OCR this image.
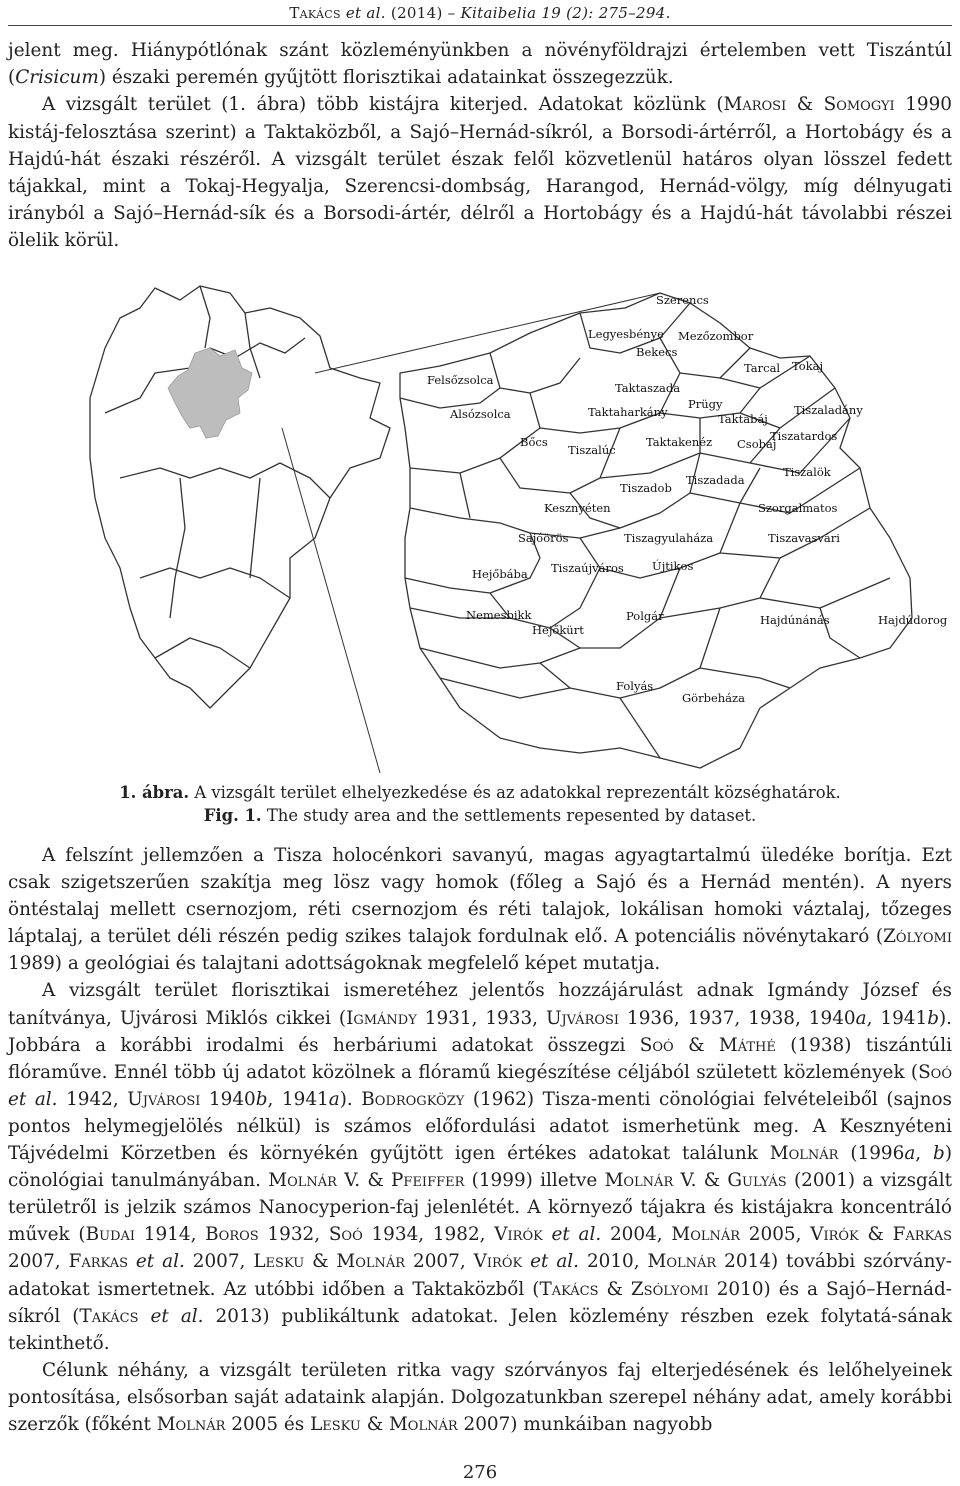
Takács et al. (2014) – Kitaibelia 19 (2): 275–294.

jelent meg. Hiánypótlónak szánt közleményünkben a növényföldrajzi értelemben vett Tiszántúl (Crisicum) északi peremén gyűjtött florisztikai adatainkat összegezzük.

A vizsgált terület (1. ábra) több kistájra kiterjed. Adatokat közlünk (Marosi & Somogyi 1990 kistáj-felosztása szerint) a Taktaközből, a Sajó–Hernád-síkról, a Borsodi-ártérről, a Hortobágy és a Hajdú-hát északi részéről. A vizsgált terület észak felől közvetlenül határos olyan lösszel fedett tájakkal, mint a Tokaj-Hegyalja, Szerencsi-dombság, Harangod, Hernád-völgy, míg délnyugati irányból a Sajó–Hernád-sík és a Borsodi-ártér, délről a Hortobágy és a Hajdú-hát távolabbi részei ölelik körül.

Szerencs
Legyesbénye Mezőzombor
Bekecs
Tarcal Tokaj
Felsőzsolca
Taktaszada
Alsózsolca	Taktaharkány
Prügy
Taktabáj
Tiszaladány
Bőcs	Taktakenéz Csobaj
Tiszatardos
Tiszalúc
Tiszalök
Tiszadob
Tiszadada
Kesznyéten	Szorgalmatos
Sajóörös	Tiszagyulaháza	Tiszavasvári
Hejőbába Tiszaújváros Újtikos
Nemesbikk
Hejőkürt
Polgár	Hajdúnánás	Hajdúdorog
Folyás
Görbeháza
1. ábra. A vizsgált terület elhelyezkedése és az adatokkal reprezentált községhatárok.
Fig. 1. The study area and the settlements repesented by dataset.

A felszínt jellemzően a Tisza holocénkori savanyú, magas agyagtartalmú üledéke borítja. Ezt csak szigetszerűen szakítja meg lösz vagy homok (főleg a Sajó és a Hernád mentén). A nyers öntéstalaj mellett csernozjom, réti csernozjom és réti talajok, lokálisan homoki váztalaj, tőzeges láptalaj, a terület déli részén pedig szikes talajok fordulnak elő. A potenciális növénytakaró (Zólyomi 1989) a geológiai és talajtani adottságoknak megfelelő képet mutatja.

A vizsgált terület florisztikai ismeretéhez jelentős hozzájárulást adnak Igmándy József és tanítványa, Ujvárosi Miklós cikkei (Igmándy 1931, 1933, Ujvárosi 1936, 1937, 1938, 1940a, 1941b). Jobbára a korábbi irodalmi és herbáriumi adatokat összegzi Soó & Máthé (1938) tiszántúli flóraműve. Ennél több új adatot közölnek a flóramű kiegészítése céljából született közlemények (Soó et al. 1942, Ujvárosi 1940b, 1941a). Bodrogközy (1962) Tisza-menti cönológiai felvételeiből (sajnos pontos helymegjelölés nélkül) is számos előfordulási adatot ismerhetünk meg. A Kesznyéteni Tájvédelmi Körzetben és környékén gyűjtött igen értékes adatokat találunk Molnár (1996a, b) cönológiai tanulmányában. Molnár V. & Pfeiffer (1999) illetve Molnár V. & Gulyás (2001) a vizsgált területről is jelzik számos Nanocyperion-faj jelenlétét. A környező tájakra és kistájakra koncentráló művek (Budai 1914, Boros 1932, Soó 1934, 1982, Virók et al. 2004, Molnár 2005, Virók & Farkas 2007, Farkas et al. 2007, Lesku & Molnár 2007, Virók et al. 2010, Molnár 2014) további szórvány-adatokat ismertetnek. Az utóbbi időben a Taktaközből (Takács & Zsólyomi 2010) és a Sajó–Hernád-síkról (Takács et al. 2013) publikáltunk adatokat. Jelen közlemény részben ezek folytatá-sának tekinthető.

Célunk néhány, a vizsgált területen ritka vagy szórványos faj elterjedésének és lelőhelyeinek pontosítása, elsősorban saját adataink alapján. Dolgozatunkban szerepel néhány adat, amely korábbi szerzők (főként Molnár 2005 és Lesku & Molnár 2007) munkáiban nagyobb

276
